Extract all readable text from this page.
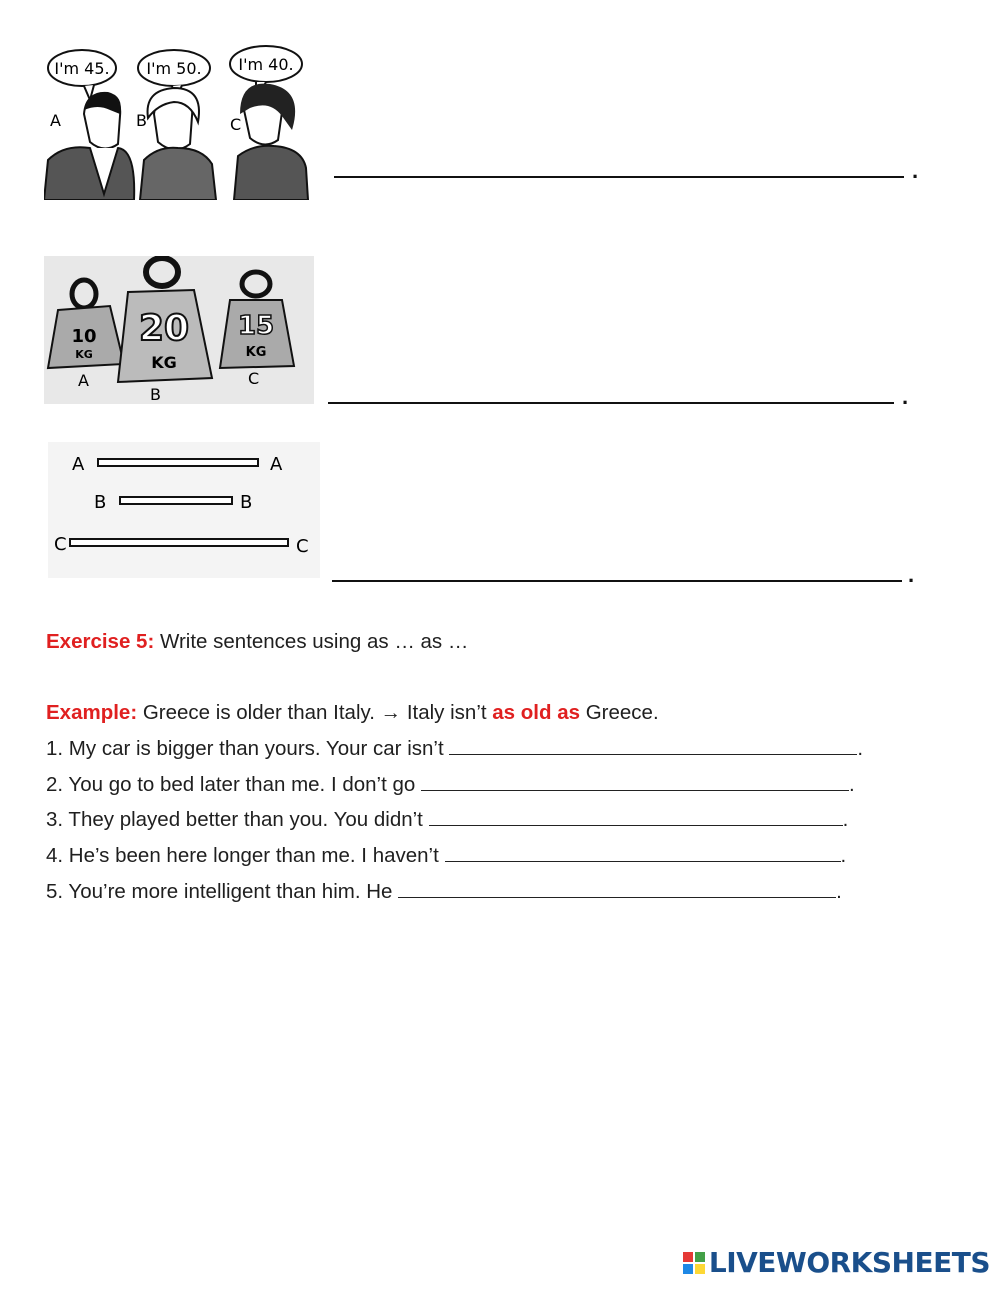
I'm 45. I'm 50. I'm 40.
A	B	C
.
10
KG
20
KG
15
KG
A
B
C
.
A	A
B	B
C	C
.
Exercise 5: Write sentences using as … as …
Example: Greece is older than Italy. → Italy isn’t as old as Greece.
1. My car is bigger than yours. Your car isn’t	.
2. You go to bed later than me. I don’t go	.
3. They played better than you. You didn’t	.
4. He’s been here longer than me. I haven’t	.
5. You’re more intelligent than him. He	.
LIVEWORKSHEETS
